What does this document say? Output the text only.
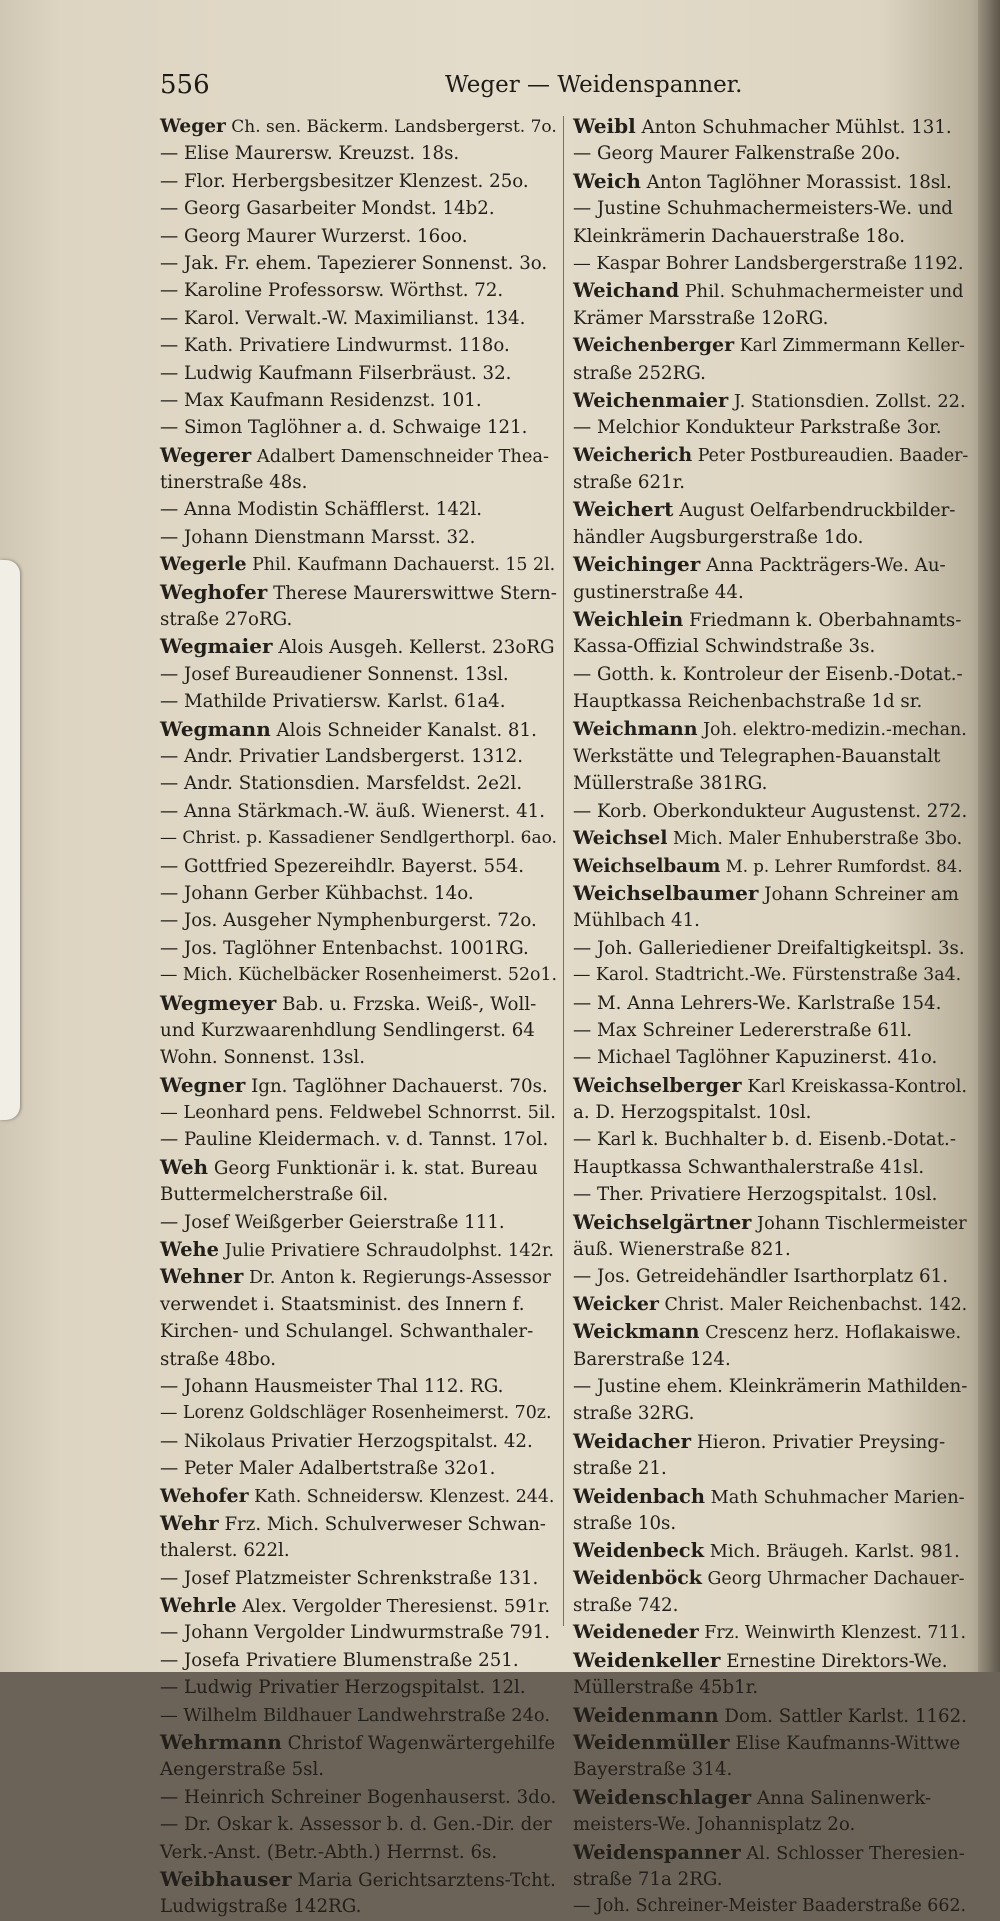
556	Weger — Weidenspanner.
Weger Ch. sen. Bäckerm. Landsbergerst. 7o.
— Elise Maurersw. Kreuzst. 18s.
— Flor. Herbergsbesitzer Klenzest. 25o.
— Georg Gasarbeiter Mondst. 14b2.
— Georg Maurer Wurzerst. 16oo.
— Jak. Fr. ehem. Tapezierer Sonnenst. 3o.
— Karoline Professorsw. Wörthst. 72.
— Karol. Verwalt.-W. Maximilianst. 134.
— Kath. Privatiere Lindwurmst. 118o.
— Ludwig Kaufmann Filserbräust. 32.
— Max Kaufmann Residenzst. 101.
— Simon Taglöhner a. d. Schwaige 121.
Wegerer Adalbert Damenschneider Thea-
tinerstraße 48s.
— Anna Modistin Schäfflerst. 142l.
— Johann Dienstmann Marsst. 32.
Wegerle Phil. Kaufmann Dachauerst. 15 2l.
Weghofer Therese Maurerswittwe Stern-
straße 27oRG.
Wegmaier Alois Ausgeh. Kellerst. 23oRG
— Josef Bureaudiener Sonnenst. 13sl.
— Mathilde Privatiersw. Karlst. 61a4.
Wegmann Alois Schneider Kanalst. 81.
— Andr. Privatier Landsbergerst. 1312.
— Andr. Stationsdien. Marsfeldst. 2e2l.
— Anna Stärkmach.-W. äuß. Wienerst. 41.
— Christ. p. Kassadiener Sendlgerthorpl. 6ao.
— Gottfried Spezereihdlr. Bayerst. 554.
— Johann Gerber Kühbachst. 14o.
— Jos. Ausgeher Nymphenburgerst. 72o.
— Jos. Taglöhner Entenbachst. 1001RG.
— Mich. Küchelbäcker Rosenheimerst. 52o1.
Wegmeyer Bab. u. Frzska. Weiß-, Woll-
und Kurzwaarenhdlung Sendlingerst. 64
Wohn. Sonnenst. 13sl.
Wegner Ign. Taglöhner Dachauerst. 70s.
— Leonhard pens. Feldwebel Schnorrst. 5il.
— Pauline Kleidermach. v. d. Tannst. 17ol.
Weh Georg Funktionär i. k. stat. Bureau
Buttermelcherstraße 6il.
— Josef Weißgerber Geierstraße 111.
Wehe Julie Privatiere Schraudolphst. 142r.
Wehner Dr. Anton k. Regierungs-Assessor
verwendet i. Staatsminist. des Innern f.
Kirchen- und Schulangel. Schwanthaler-
straße 48bo.
— Johann Hausmeister Thal 112. RG.
— Lorenz Goldschläger Rosenheimerst. 70z.
— Nikolaus Privatier Herzogspitalst. 42.
— Peter Maler Adalbertstraße 32o1.
Wehofer Kath. Schneidersw. Klenzest. 244.
Wehr Frz. Mich. Schulverweser Schwan-
thalerst. 622l.
— Josef Platzmeister Schrenkstraße 131.
Wehrle Alex. Vergolder Theresienst. 591r.
— Johann Vergolder Lindwurmstraße 791.
— Josefa Privatiere Blumenstraße 251.
— Ludwig Privatier Herzogspitalst. 12l.
— Wilhelm Bildhauer Landwehrstraße 24o.
Wehrmann Christof Wagenwärtergehilfe
Aengerstraße 5sl.
— Heinrich Schreiner Bogenhauserst. 3do.
— Dr. Oskar k. Assessor b. d. Gen.-Dir. der
Verk.-Anst. (Betr.-Abth.) Herrnst. 6s.
Weibhauser Maria Gerichtsarztens-Tcht.
Ludwigstraße 142RG.
Weibl Anton Schuhmacher Mühlst. 131.
— Georg Maurer Falkenstraße 20o.
Weich Anton Taglöhner Morassist. 18sl.
— Justine Schuhmachermeisters-We. und
Kleinkrämerin Dachauerstraße 18o.
— Kaspar Bohrer Landsbergerstraße 1192.
Weichand Phil. Schuhmachermeister und
Krämer Marsstraße 12oRG.
Weichenberger Karl Zimmermann Keller-
straße 252RG.
Weichenmaier J. Stationsdien. Zollst. 22.
— Melchior Kondukteur Parkstraße 3or.
Weicherich Peter Postbureaudien. Baader-
straße 621r.
Weichert August Oelfarbendruckbilder-
händler Augsburgerstraße 1do.
Weichinger Anna Packträgers-We. Au-
gustinerstraße 44.
Weichlein Friedmann k. Oberbahnamts-
Kassa-Offizial Schwindstraße 3s.
— Gotth. k. Kontroleur der Eisenb.-Dotat.-
Hauptkassa Reichenbachstraße 1d sr.
Weichmann Joh. elektro-medizin.-mechan.
Werkstätte und Telegraphen-Bauanstalt
Müllerstraße 381RG.
— Korb. Oberkondukteur Augustenst. 272.
Weichsel Mich. Maler Enhuberstraße 3bo.
Weichselbaum M. p. Lehrer Rumfordst. 84.
Weichselbaumer Johann Schreiner am
Mühlbach 41.
— Joh. Galleriediener Dreifaltigkeitspl. 3s.
— Karol. Stadtricht.-We. Fürstenstraße 3a4.
— M. Anna Lehrers-We. Karlstraße 154.
— Max Schreiner Ledererstraße 61l.
— Michael Taglöhner Kapuzinerst. 41o.
Weichselberger Karl Kreiskassa-Kontrol.
a. D. Herzogspitalst. 10sl.
— Karl k. Buchhalter b. d. Eisenb.-Dotat.-
Hauptkassa Schwanthalerstraße 41sl.
— Ther. Privatiere Herzogspitalst. 10sl.
Weichselgärtner Johann Tischlermeister
äuß. Wienerstraße 821.
— Jos. Getreidehändler Isarthorplatz 61.
Weicker Christ. Maler Reichenbachst. 142.
Weickmann Crescenz herz. Hoflakaiswe.
Barerstraße 124.
— Justine ehem. Kleinkrämerin Mathilden-
straße 32RG.
Weidacher Hieron. Privatier Preysing-
straße 21.
Weidenbach Math Schuhmacher Marien-
straße 10s.
Weidenbeck Mich. Bräugeh. Karlst. 981.
Weidenböck Georg Uhrmacher Dachauer-
straße 742.
Weideneder Frz. Weinwirth Klenzest. 711.
Weidenkeller Ernestine Direktors-We.
Müllerstraße 45b1r.
Weidenmann Dom. Sattler Karlst. 1162.
Weidenmüller Elise Kaufmanns-Wittwe
Bayerstraße 314.
Weidenschlager Anna Salinenwerk-
meisters-We. Johannisplatz 2o.
Weidenspanner Al. Schlosser Theresien-
straße 71a 2RG.
— Joh. Schreiner-Meister Baaderstraße 662.
